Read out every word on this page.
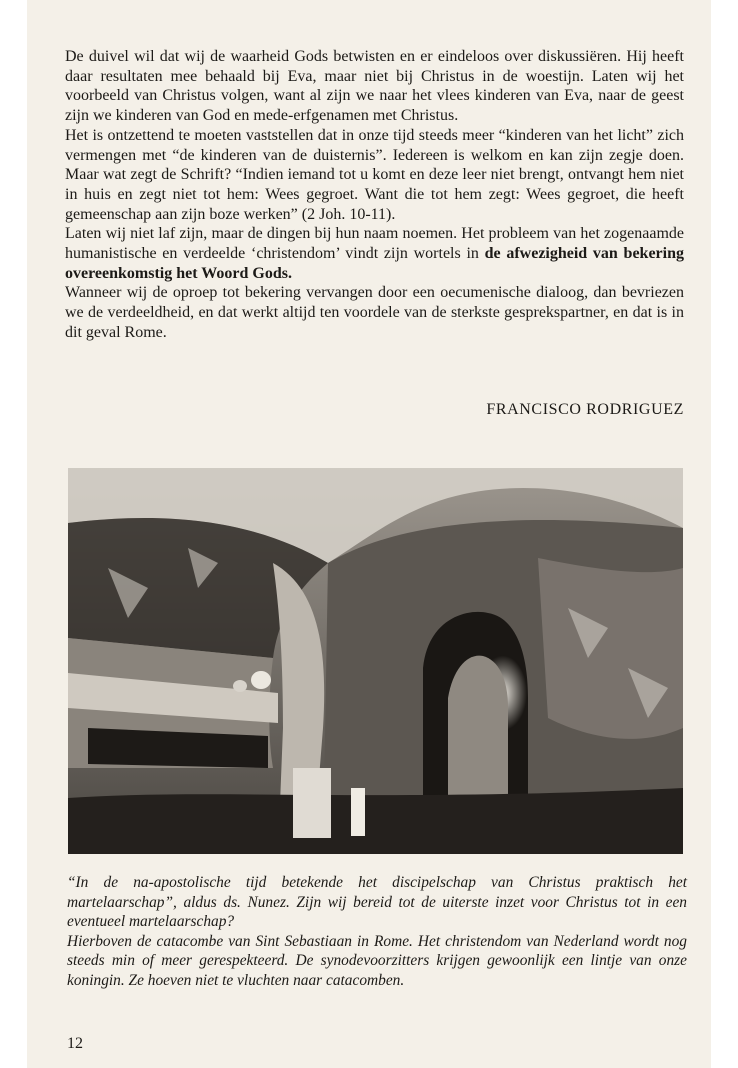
De duivel wil dat wij de waarheid Gods betwisten en er eindeloos over diskussiëren. Hij heeft daar resultaten mee behaald bij Eva, maar niet bij Christus in de woestijn. Laten wij het voorbeeld van Christus volgen, want al zijn we naar het vlees kinderen van Eva, naar de geest zijn we kinderen van God en mede-erfgenamen met Christus.

Het is ontzettend te moeten vaststellen dat in onze tijd steeds meer “kinderen van het licht” zich vermengen met “de kinderen van de duisternis”. Iedereen is welkom en kan zijn zegje doen. Maar wat zegt de Schrift? “Indien iemand tot u komt en deze leer niet brengt, ontvangt hem niet in huis en zegt niet tot hem: Wees gegroet. Want die tot hem zegt: Wees gegroet, die heeft gemeenschap aan zijn boze werken” (2 Joh. 10-11).

Laten wij niet laf zijn, maar de dingen bij hun naam noemen. Het probleem van het zogenaamde humanistische en verdeelde ‘christendom’ vindt zijn wortels in de afwezigheid van bekering overeenkomstig het Woord Gods.

Wanneer wij de oproep tot bekering vervangen door een oecumenische dialoog, dan bevriezen we de verdeeldheid, en dat werkt altijd ten voordele van de sterkste gesprekspartner, en dat is in dit geval Rome.

FRANCISCO RODRIGUEZ

“In de na-apostolische tijd betekende het discipelschap van Christus praktisch het martelaarschap”, aldus ds. Nunez. Zijn wij bereid tot de uiterste inzet voor Christus tot in een eventueel martelaarschap?

Hierboven de catacombe van Sint Sebastiaan in Rome. Het christendom van Nederland wordt nog steeds min of meer gerespekteerd. De synodevoorzitters krijgen gewoonlijk een lintje van onze koningin. Ze hoeven niet te vluchten naar catacomben.

12
